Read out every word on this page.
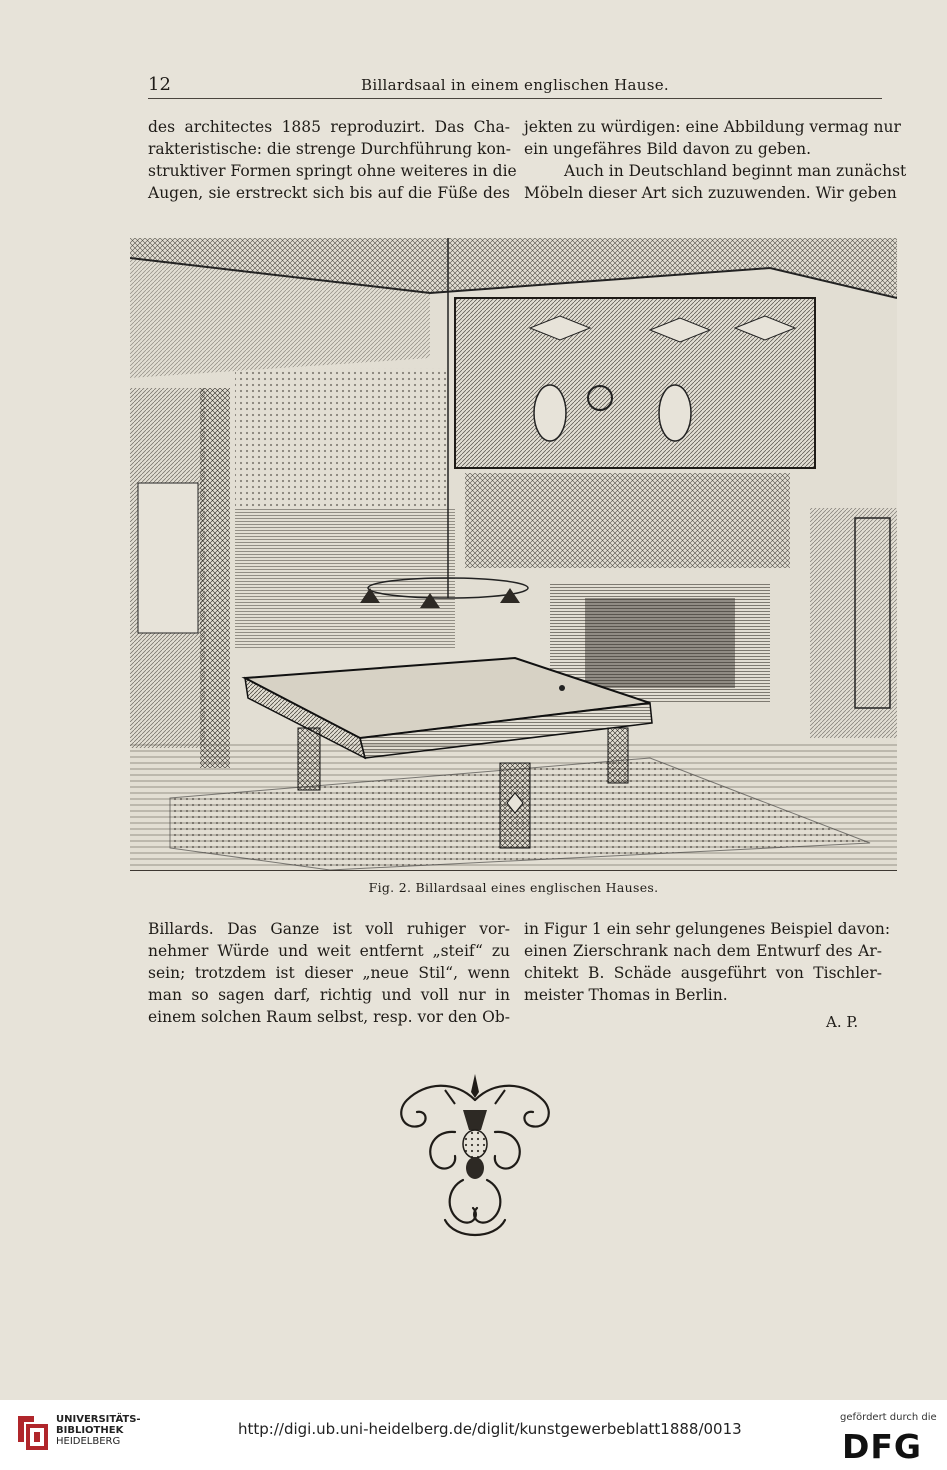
12	Billardsaal in einem englischen Hause.
des architectes 1885 reproduzirt. Das Cha-
rakteristische: die strenge Durchführung kon-
struktiver Formen springt ohne weiteres in die
Augen, sie erstreckt sich bis auf die Füße des
jekten zu würdigen: eine Abbildung vermag nur
ein ungefähres Bild davon zu geben.
Auch in Deutschland beginnt man zunächst
Möbeln dieser Art sich zuzuwenden. Wir geben
Fig. 2. Billardsaal eines englischen Hauses.
Billards. Das Ganze ist voll ruhiger vor-
nehmer Würde und weit entfernt „steif“ zu
sein; trotzdem ist dieser „neue Stil“, wenn
man so sagen darf, richtig und voll nur in
einem solchen Raum selbst, resp. vor den Ob-
in Figur 1 ein sehr gelungenes Beispiel davon:
einen Zierschrank nach dem Entwurf des Ar-
chitekt B. Schäde ausgeführt von Tischler-
meister Thomas in Berlin.
A. P.
UNIVERSITÄTS-
BIBLIOTHEK
HEIDELBERG
http://digi.ub.uni-heidelberg.de/diglit/kunstgewerbeblatt1888/0013
gefördert durch die
DFG
